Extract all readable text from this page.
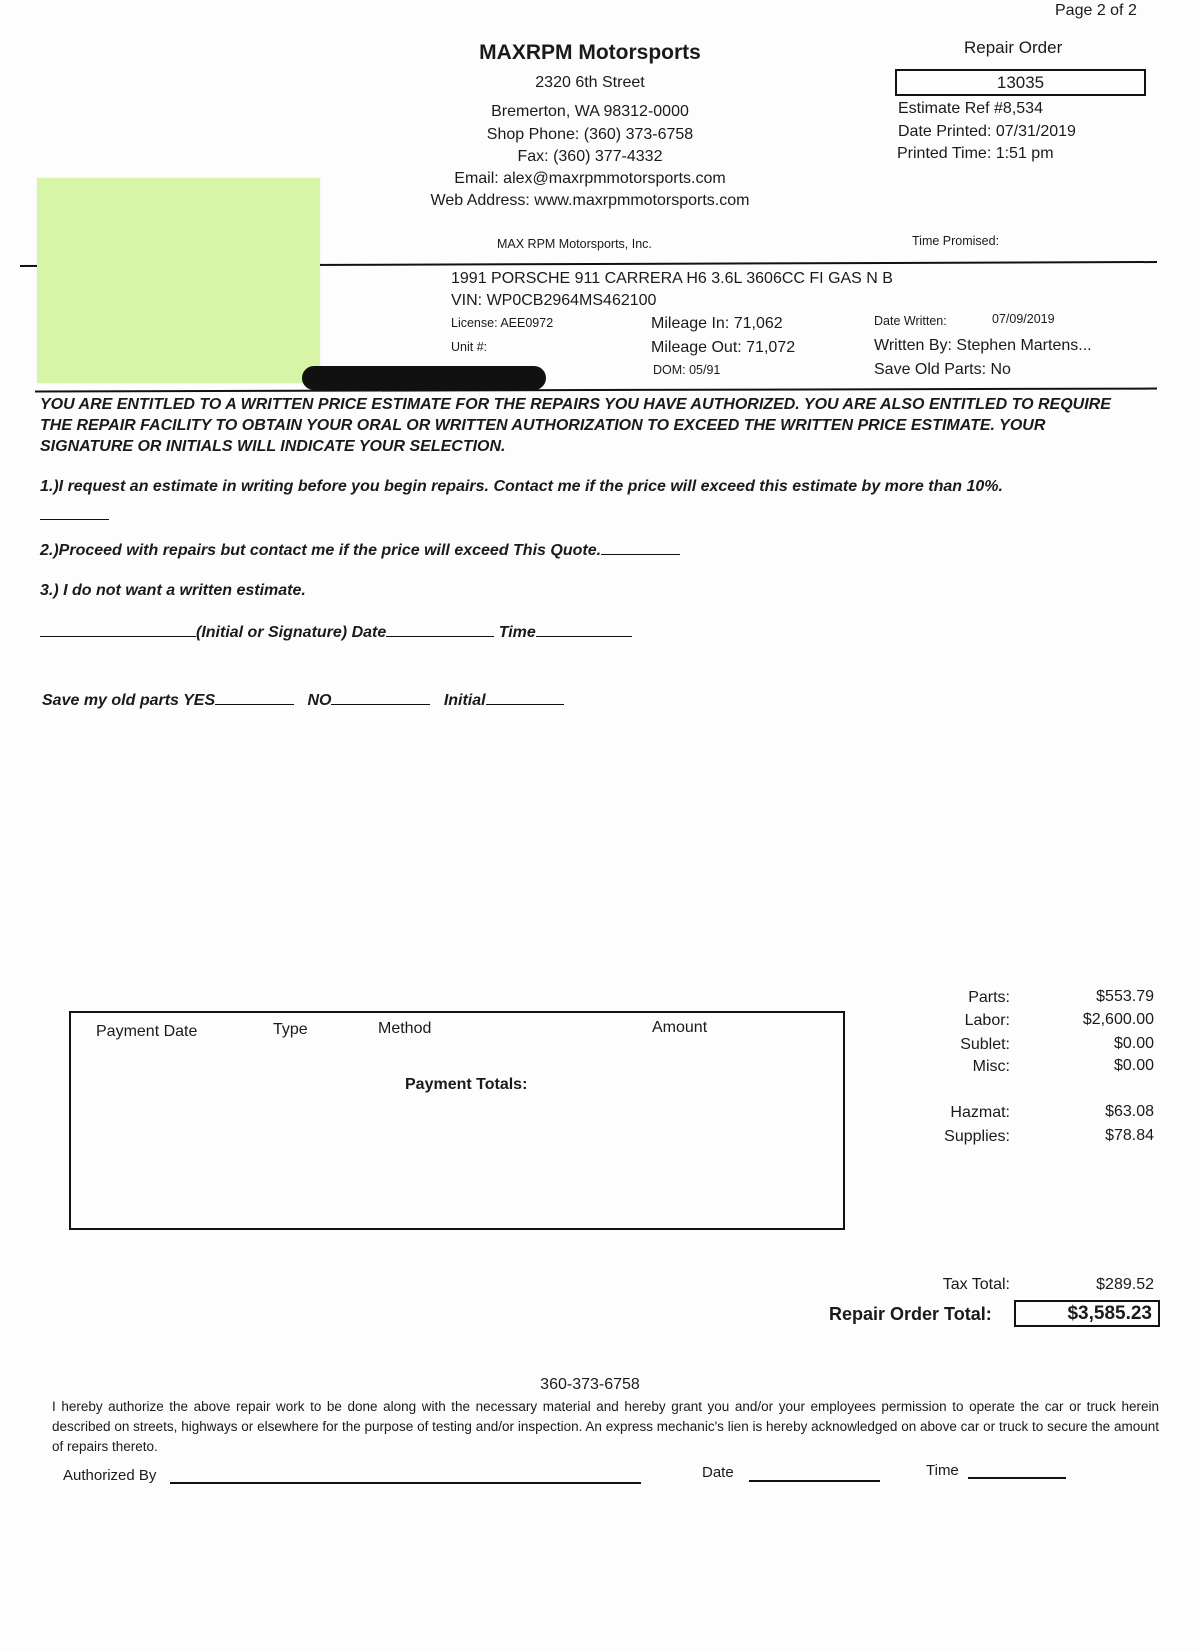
Page 2 of 2
MAXRPM Motorsports
2320 6th Street
Bremerton, WA 98312-0000
Shop Phone: (360) 373-6758
Fax: (360) 377-4332
Email: alex@maxrpmmotorsports.com
Web Address: www.maxrpmmotorsports.com
MAX RPM Motorsports, Inc.
Repair Order
13035
Estimate Ref #8,534
Date Printed: 07/31/2019
Printed Time: 1:51 pm
Time Promised:
1991 PORSCHE 911 CARRERA H6 3.6L 3606CC FI GAS N B
VIN: WP0CB2964MS462100
License: AEE0972
Unit #:
Mileage In: 71,062
Mileage Out: 71,072
DOM: 05/91
Date Written:	07/09/2019
Written By: Stephen Martens...
Save Old Parts: No
YOU ARE ENTITLED TO A WRITTEN PRICE ESTIMATE FOR THE REPAIRS YOU HAVE AUTHORIZED. YOU ARE ALSO ENTITLED TO REQUIRE THE REPAIR FACILITY TO OBTAIN YOUR ORAL OR WRITTEN AUTHORIZATION TO EXCEED THE WRITTEN PRICE ESTIMATE. YOUR SIGNATURE OR INITIALS WILL INDICATE YOUR SELECTION.
1.)I request an estimate in writing before you begin repairs. Contact me if the price will exceed this estimate by more than 10%.
2.)Proceed with repairs but contact me if the price will exceed This Quote.
3.) I do not want a written estimate.
(Initial or Signature) Date	Time
Save my old parts YES	NO	Initial
Payment Date	Type	Method	Amount
Payment Totals:
Parts:	$553.79
Labor:	$2,600.00
Sublet:	$0.00
Misc:	$0.00
Hazmat:	$63.08
Supplies:	$78.84
Tax Total:	$289.52
Repair Order Total:	$3,585.23
360-373-6758
I hereby authorize the above repair work to be done along with the necessary material and hereby grant you and/or your employees permission to operate the car or truck herein described on streets, highways or elsewhere for the purpose of testing and/or inspection. An express mechanic's lien is hereby acknowledged on above car or truck to secure the amount of repairs thereto.
Authorized By	Date	Time
